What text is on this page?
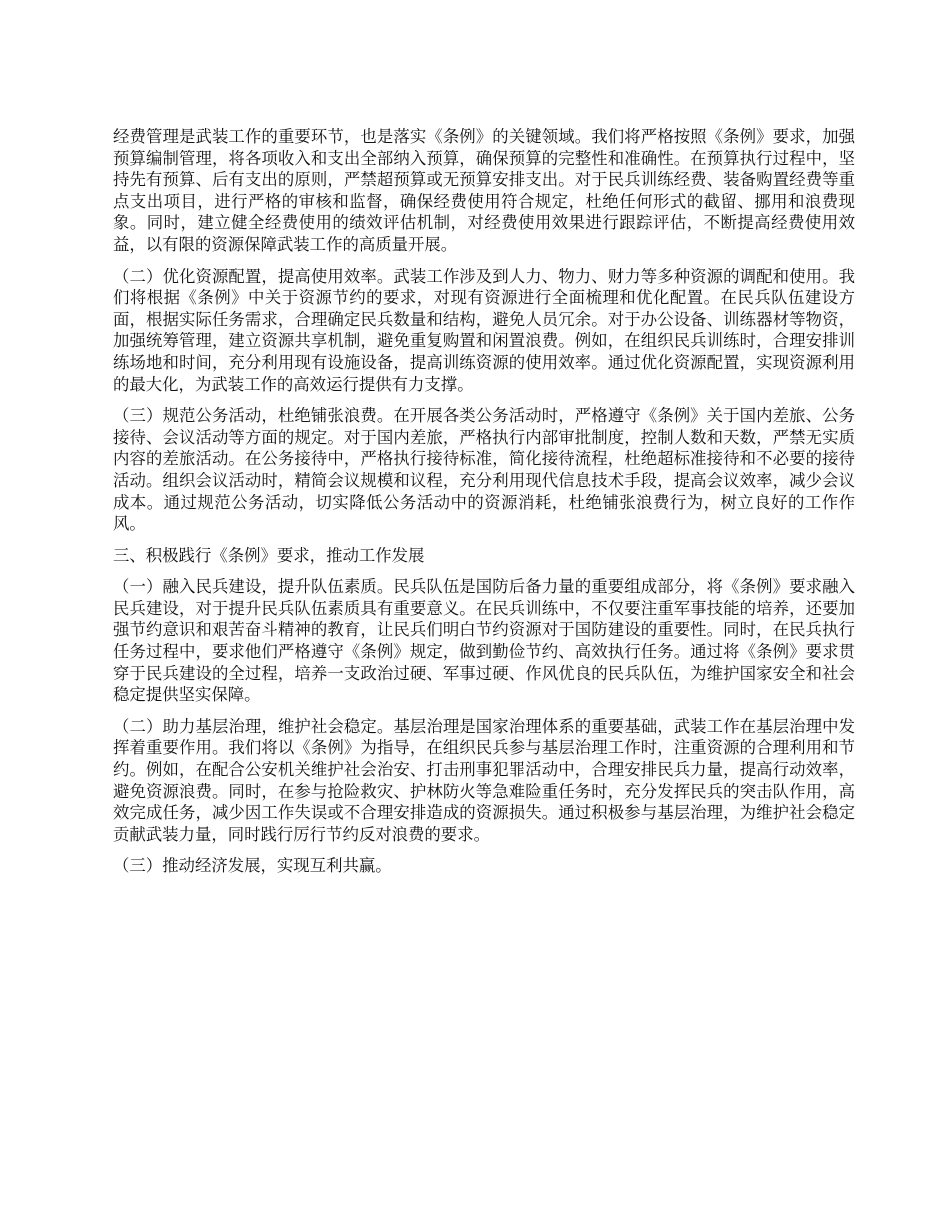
经费管理是武装工作的重要环节，也是落实《条例》的关键领域。我们将严格按照《条例》要求，加强预算编制管理，将各项收入和支出全部纳入预算，确保预算的完整性和准确性。在预算执行过程中，坚持先有预算、后有支出的原则，严禁超预算或无预算安排支出。对于民兵训练经费、装备购置经费等重点支出项目，进行严格的审核和监督，确保经费使用符合规定，杜绝任何形式的截留、挪用和浪费现象。同时，建立健全经费使用的绩效评估机制，对经费使用效果进行跟踪评估，不断提高经费使用效益，以有限的资源保障武装工作的高质量开展。

（二）优化资源配置，提高使用效率。武装工作涉及到人力、物力、财力等多种资源的调配和使用。我们将根据《条例》中关于资源节约的要求，对现有资源进行全面梳理和优化配置。在民兵队伍建设方面，根据实际任务需求，合理确定民兵数量和结构，避免人员冗余。对于办公设备、训练器材等物资，加强统筹管理，建立资源共享机制，避免重复购置和闲置浪费。例如，在组织民兵训练时，合理安排训练场地和时间，充分利用现有设施设备，提高训练资源的使用效率。通过优化资源配置，实现资源利用的最大化，为武装工作的高效运行提供有力支撑。

（三）规范公务活动，杜绝铺张浪费。在开展各类公务活动时，严格遵守《条例》关于国内差旅、公务接待、会议活动等方面的规定。对于国内差旅，严格执行内部审批制度，控制人数和天数，严禁无实质内容的差旅活动。在公务接待中，严格执行接待标准，简化接待流程，杜绝超标准接待和不必要的接待活动。组织会议活动时，精简会议规模和议程，充分利用现代信息技术手段，提高会议效率，减少会议成本。通过规范公务活动，切实降低公务活动中的资源消耗，杜绝铺张浪费行为，树立良好的工作作风。

三、积极践行《条例》要求，推动工作发展

（一）融入民兵建设，提升队伍素质。民兵队伍是国防后备力量的重要组成部分，将《条例》要求融入民兵建设，对于提升民兵队伍素质具有重要意义。在民兵训练中，不仅要注重军事技能的培养，还要加强节约意识和艰苦奋斗精神的教育，让民兵们明白节约资源对于国防建设的重要性。同时，在民兵执行任务过程中，要求他们严格遵守《条例》规定，做到勤俭节约、高效执行任务。通过将《条例》要求贯穿于民兵建设的全过程，培养一支政治过硬、军事过硬、作风优良的民兵队伍，为维护国家安全和社会稳定提供坚实保障。

（二）助力基层治理，维护社会稳定。基层治理是国家治理体系的重要基础，武装工作在基层治理中发挥着重要作用。我们将以《条例》为指导，在组织民兵参与基层治理工作时，注重资源的合理利用和节约。例如，在配合公安机关维护社会治安、打击刑事犯罪活动中，合理安排民兵力量，提高行动效率，避免资源浪费。同时，在参与抢险救灾、护林防火等急难险重任务时，充分发挥民兵的突击队作用，高效完成任务，减少因工作失误或不合理安排造成的资源损失。通过积极参与基层治理，为维护社会稳定贡献武装力量，同时践行厉行节约反对浪费的要求。

（三）推动经济发展，实现互利共赢。
